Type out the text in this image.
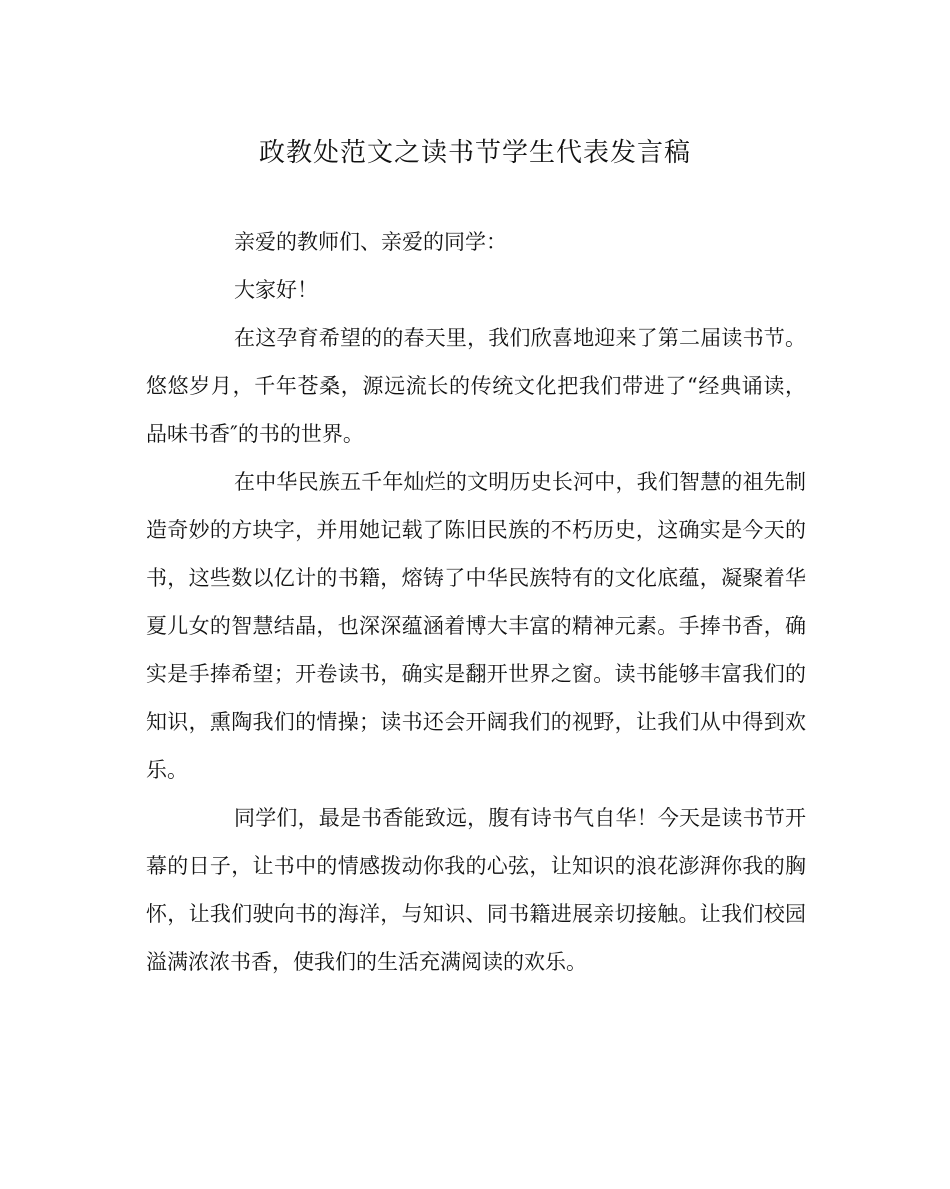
政教处范文之读书节学生代表发言稿

亲爱的教师们、亲爱的同学：

大家好！

在这孕育希望的的春天里，我们欣喜地迎来了第二届读书节。悠悠岁月，千年苍桑，源远流长的传统文化把我们带进了“经典诵读，品味书香″的书的世界。

在中华民族五千年灿烂的文明历史长河中，我们智慧的祖先制造奇妙的方块字，并用她记载了陈旧民族的不朽历史，这确实是今天的书，这些数以亿计的书籍，熔铸了中华民族特有的文化底蕴，凝聚着华夏儿女的智慧结晶，也深深蕴涵着博大丰富的精神元素。手捧书香，确实是手捧希望；开卷读书，确实是翻开世界之窗。读书能够丰富我们的知识，熏陶我们的情操；读书还会开阔我们的视野，让我们从中得到欢乐。

同学们，最是书香能致远，腹有诗书气自华！今天是读书节开幕的日子，让书中的情感拨动你我的心弦，让知识的浪花澎湃你我的胸怀，让我们驶向书的海洋，与知识、同书籍进展亲切接触。让我们校园溢满浓浓书香，使我们的生活充满阅读的欢乐。
